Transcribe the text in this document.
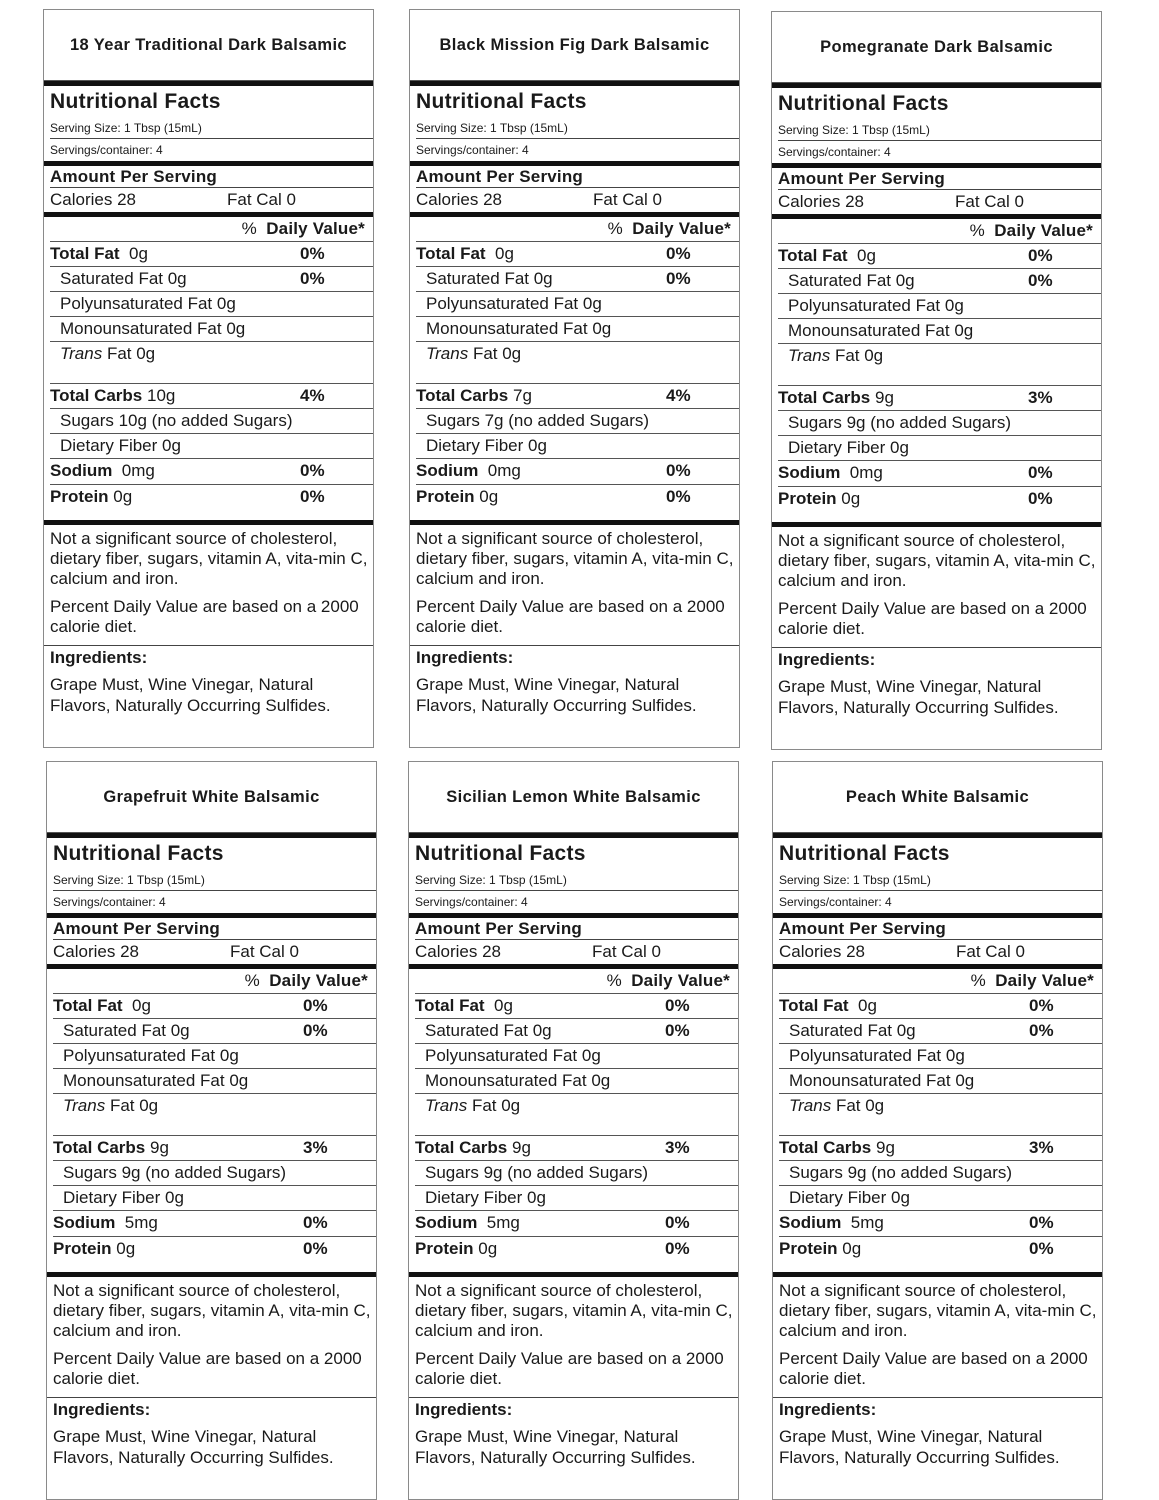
18 Year Traditional Dark Balsamic
Nutritional Facts
Serving Size: 1 Tbsp (15mL)
Servings/container: 4
Amount Per Serving
Calories 28	Fat Cal 0
% Daily Value*
Total Fat 0g	0%
Saturated Fat 0g	0%
Polyunsaturated Fat 0g
Monounsaturated Fat 0g
Trans Fat 0g
Total Carbs 10g	4%
Sugars 10g (no added Sugars)
Dietary Fiber 0g
Sodium 0mg	0%
Protein 0g	0%

Not a significant source of cholesterol, dietary fiber, sugars, vitamin A, vita-min C, calcium and iron.

Percent Daily Value are based on a 2000 calorie diet.

Ingredients:
Grape Must, Wine Vinegar, Natural Flavors, Naturally Occurring Sulfides.
Black Mission Fig Dark Balsamic
Nutritional Facts
Serving Size: 1 Tbsp (15mL)
Servings/container: 4
Amount Per Serving
Calories 28	Fat Cal 0
% Daily Value*
Total Fat 0g	0%
Saturated Fat 0g	0%
Polyunsaturated Fat 0g
Monounsaturated Fat 0g
Trans Fat 0g
Total Carbs 7g	4%
Sugars 7g (no added Sugars)
Dietary Fiber 0g
Sodium 0mg	0%
Protein 0g	0%

Not a significant source of cholesterol, dietary fiber, sugars, vitamin A, vita-min C, calcium and iron.

Percent Daily Value are based on a 2000 calorie diet.

Ingredients:
Grape Must, Wine Vinegar, Natural Flavors, Naturally Occurring Sulfides.
Pomegranate Dark Balsamic
Nutritional Facts
Serving Size: 1 Tbsp (15mL)
Servings/container: 4
Amount Per Serving
Calories 28	Fat Cal 0
% Daily Value*
Total Fat 0g	0%
Saturated Fat 0g	0%
Polyunsaturated Fat 0g
Monounsaturated Fat 0g
Trans Fat 0g
Total Carbs 9g	3%
Sugars 9g (no added Sugars)
Dietary Fiber 0g
Sodium 0mg	0%
Protein 0g	0%

Not a significant source of cholesterol, dietary fiber, sugars, vitamin A, vita-min C, calcium and iron.

Percent Daily Value are based on a 2000 calorie diet.

Ingredients:
Grape Must, Wine Vinegar, Natural Flavors, Naturally Occurring Sulfides.
Grapefruit White Balsamic
Nutritional Facts
Serving Size: 1 Tbsp (15mL)
Servings/container: 4
Amount Per Serving
Calories 28	Fat Cal 0
% Daily Value*
Total Fat 0g	0%
Saturated Fat 0g	0%
Polyunsaturated Fat 0g
Monounsaturated Fat 0g
Trans Fat 0g
Total Carbs 9g	3%
Sugars 9g (no added Sugars)
Dietary Fiber 0g
Sodium 5mg	0%
Protein 0g	0%

Not a significant source of cholesterol, dietary fiber, sugars, vitamin A, vita-min C, calcium and iron.

Percent Daily Value are based on a 2000 calorie diet.

Ingredients:
Grape Must, Wine Vinegar, Natural Flavors, Naturally Occurring Sulfides.
Sicilian Lemon White Balsamic
Nutritional Facts
Serving Size: 1 Tbsp (15mL)
Servings/container: 4
Amount Per Serving
Calories 28	Fat Cal 0
% Daily Value*
Total Fat 0g	0%
Saturated Fat 0g	0%
Polyunsaturated Fat 0g
Monounsaturated Fat 0g
Trans Fat 0g
Total Carbs 9g	3%
Sugars 9g (no added Sugars)
Dietary Fiber 0g
Sodium 5mg	0%
Protein 0g	0%

Not a significant source of cholesterol, dietary fiber, sugars, vitamin A, vita-min C, calcium and iron.

Percent Daily Value are based on a 2000 calorie diet.

Ingredients:
Grape Must, Wine Vinegar, Natural Flavors, Naturally Occurring Sulfides.
Peach White Balsamic
Nutritional Facts
Serving Size: 1 Tbsp (15mL)
Servings/container: 4
Amount Per Serving
Calories 28	Fat Cal 0
% Daily Value*
Total Fat 0g	0%
Saturated Fat 0g	0%
Polyunsaturated Fat 0g
Monounsaturated Fat 0g
Trans Fat 0g
Total Carbs 9g	3%
Sugars 9g (no added Sugars)
Dietary Fiber 0g
Sodium 5mg	0%
Protein 0g	0%

Not a significant source of cholesterol, dietary fiber, sugars, vitamin A, vita-min C, calcium and iron.

Percent Daily Value are based on a 2000 calorie diet.

Ingredients:
Grape Must, Wine Vinegar, Natural Flavors, Naturally Occurring Sulfides.
